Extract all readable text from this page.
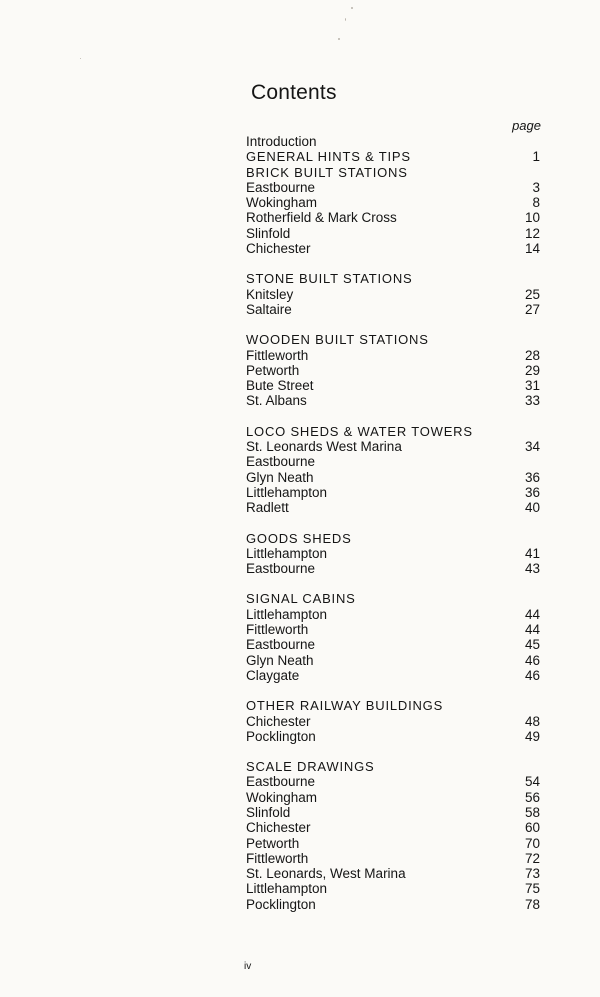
Contents
page
Introduction
GENERAL HINTS & TIPS	1
BRICK BUILT STATIONS
Eastbourne	3
Wokingham	8
Rotherfield & Mark Cross	10
Slinfold	12
Chichester	14
STONE BUILT STATIONS
Knitsley	25
Saltaire	27
WOODEN BUILT STATIONS
Fittleworth	28
Petworth	29
Bute Street	31
St. Albans	33
LOCO SHEDS & WATER TOWERS
St. Leonards West Marina	34
Eastbourne
Glyn Neath	36
Littlehampton	36
Radlett	40
GOODS SHEDS
Littlehampton	41
Eastbourne	43
SIGNAL CABINS
Littlehampton	44
Fittleworth	44
Eastbourne	45
Glyn Neath	46
Claygate	46
OTHER RAILWAY BUILDINGS
Chichester	48
Pocklington	49
SCALE DRAWINGS
Eastbourne	54
Wokingham	56
Slinfold	58
Chichester	60
Petworth	70
Fittleworth	72
St. Leonards, West Marina	73
Littlehampton	75
Pocklington	78
iv
